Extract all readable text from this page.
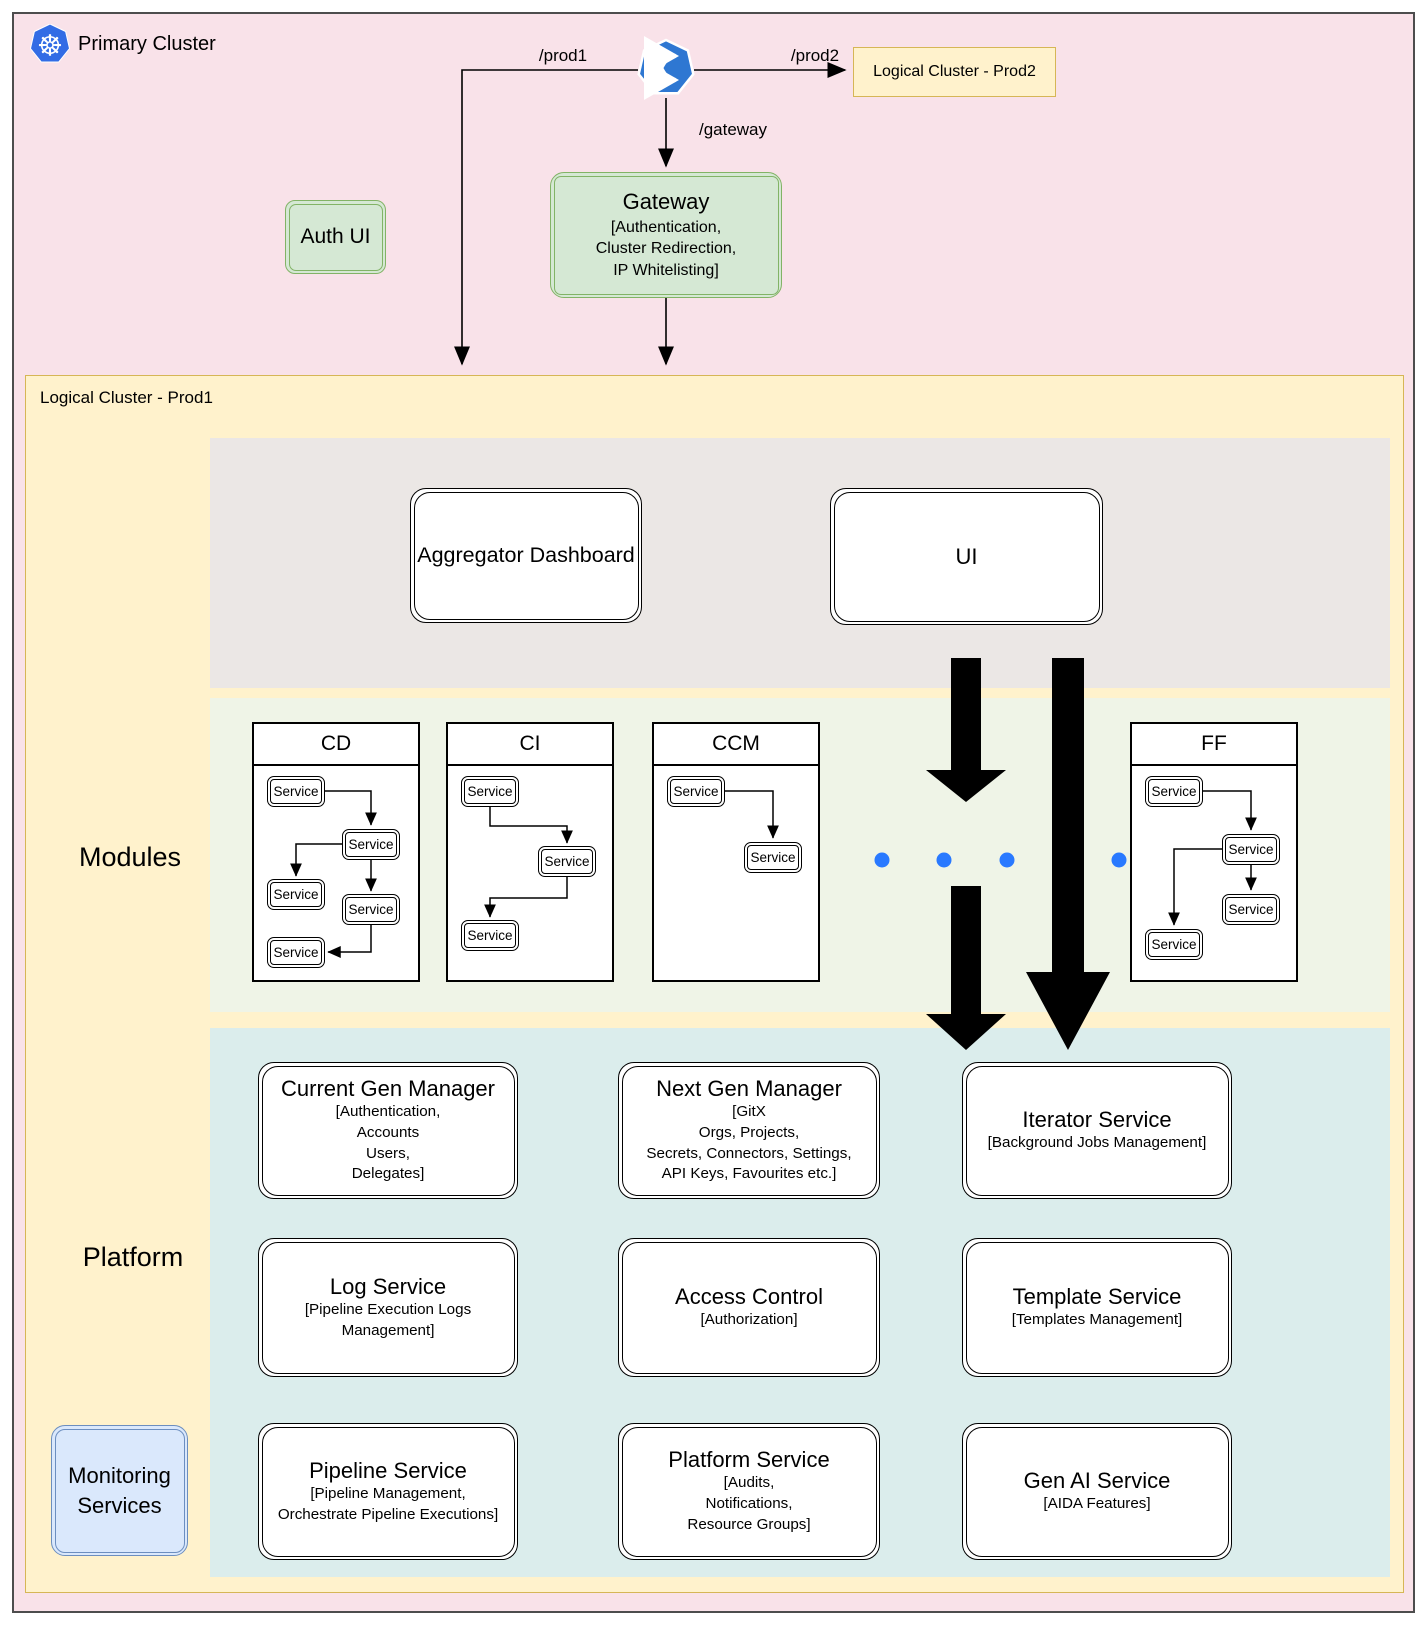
☸ Primary Cluster
Logical Cluster - Prod1
Modules
Platform
/prod1	/prod2
/gateway
Logical Cluster - Prod2
Auth UI
Gateway
[Authentication,
Cluster Redirection,
IP Whitelisting]
Aggregator Dashboard	UI
CD
Service
Service
Service
Service
Service
CI
Service
Service
Service
CCM
Service
Service
FF
Service
Service
Service
Service
Current Gen Manager
[Authentication,
Accounts
Users,
Delegates]
Next Gen Manager
[GitX
Orgs, Projects,
Secrets, Connectors, Settings,
API Keys, Favourites etc.]
Iterator Service
[Background Jobs Management]
Log Service
[Pipeline Execution Logs
Management]
Access Control
[Authorization]
Template Service
[Templates Management]
Pipeline Service
[Pipeline Management,
Orchestrate Pipeline Executions]
Platform Service
[Audits,
Notifications,
Resource Groups]
Gen AI Service
[AIDA Features]
Monitoring
Services
